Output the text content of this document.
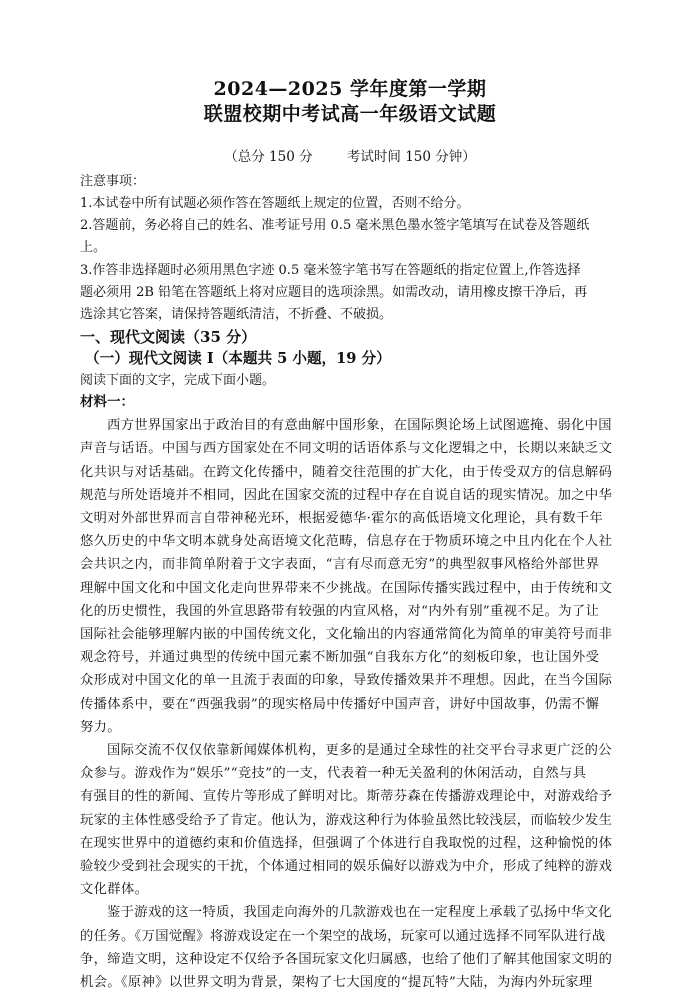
2024—2025 学年度第一学期
联盟校期中考试高一年级语文试题
（总分 150 分        考试时间 150 分钟）
注意事项：
1.本试卷中所有试题必须作答在答题纸上规定的位置，否则不给分。
2.答题前，务必将自己的姓名、准考证号用 0.5 毫米黑色墨水签字笔填写在试卷及答题纸
上。
3.作答非选择题时必须用黑色字迹 0.5 毫米签字笔书写在答题纸的指定位置上,作答选择
题必须用 2B 铅笔在答题纸上将对应题目的选项涂黑。如需改动，请用橡皮擦干净后，再
选涂其它答案，请保持答题纸清洁，不折叠、不破损。
一、现代文阅读（35 分）
（一）现代文阅读 I（本题共 5 小题，19 分）
阅读下面的文字，完成下面小题。
材料一：
西方世界国家出于政治目的有意曲解中国形象，在国际舆论场上试图遮掩、弱化中国
声音与话语。中国与西方国家处在不同文明的话语体系与文化逻辑之中，长期以来缺乏文
化共识与对话基础。在跨文化传播中，随着交往范围的扩大化，由于传受双方的信息解码
规范与所处语境并不相同，因此在国家交流的过程中存在自说自话的现实情况。加之中华
文明对外部世界而言自带神秘光环，根据爱德华·霍尔的高低语境文化理论，具有数千年
悠久历史的中华文明本就身处高语境文化范畴，信息存在于物质环境之中且内化在个人社
会共识之内，而非简单附着于文字表面，“言有尽而意无穷”的典型叙事风格给外部世界
理解中国文化和中国文化走向世界带来不少挑战。在国际传播实践过程中，由于传统和文
化的历史惯性，我国的外宣思路带有较强的内宣风格，对“内外有别”重视不足。为了让
国际社会能够理解内嵌的中国传统文化，文化输出的内容通常简化为简单的审美符号而非
观念符号，并通过典型的传统中国元素不断加强“自我东方化”的刻板印象，也让国外受
众形成对中国文化的单一且流于表面的印象，导致传播效果并不理想。因此，在当今国际
传播体系中，要在“西强我弱”的现实格局中传播好中国声音，讲好中国故事，仍需不懈
努力。
国际交流不仅仅依靠新闻媒体机构，更多的是通过全球性的社交平台寻求更广泛的公
众参与。游戏作为“娱乐”“竞技”的一支，代表着一种无关盈利的休闲活动，自然与具
有强目的性的新闻、宣传片等形成了鲜明对比。斯蒂芬森在传播游戏理论中，对游戏给予
玩家的主体性感受给予了肯定。他认为，游戏这种行为体验虽然比较浅层，而临较少发生
在现实世界中的道德约束和价值选择，但强调了个体进行自我取悦的过程，这种愉悦的体
验较少受到社会现实的干扰，个体通过相同的娱乐偏好以游戏为中介，形成了纯粹的游戏
文化群体。
鉴于游戏的这一特质，我国走向海外的几款游戏也在一定程度上承载了弘扬中华文化
的任务。《万国觉醒》将游戏设定在一个架空的战场，玩家可以通过选择不同军队进行战
争，缔造文明，这种设定不仅给予各国玩家文化归属感，也给了他们了解其他国家文明的
机会。《原神》以世界文明为背景，架构了七大国度的“提瓦特”大陆，为海内外玩家理
